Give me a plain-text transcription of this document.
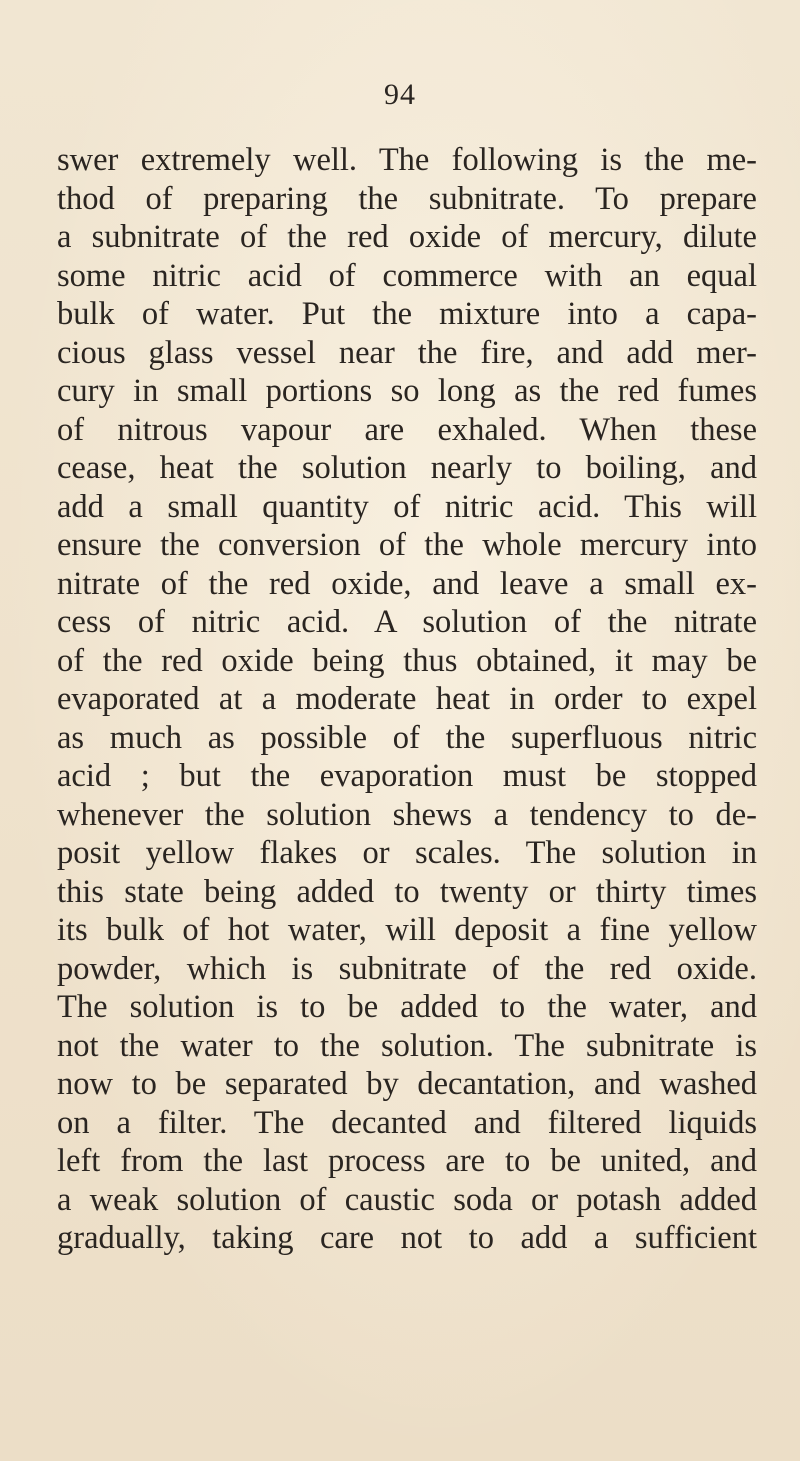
94
swer extremely well. The following is the me-
thod of preparing the subnitrate. To prepare
a subnitrate of the red oxide of mercury, dilute
some nitric acid of commerce with an equal
bulk of water. Put the mixture into a capa-
cious glass vessel near the fire, and add mer-
cury in small portions so long as the red fumes
of nitrous vapour are exhaled. When these
cease, heat the solution nearly to boiling, and
add a small quantity of nitric acid. This will
ensure the conversion of the whole mercury into
nitrate of the red oxide, and leave a small ex-
cess of nitric acid. A solution of the nitrate
of the red oxide being thus obtained, it may be
evaporated at a moderate heat in order to expel
as much as possible of the superfluous nitric
acid ; but the evaporation must be stopped
whenever the solution shews a tendency to de-
posit yellow flakes or scales. The solution in
this state being added to twenty or thirty times
its bulk of hot water, will deposit a fine yellow
powder, which is subnitrate of the red oxide.
The solution is to be added to the water, and
not the water to the solution. The subnitrate is
now to be separated by decantation, and washed
on a filter. The decanted and filtered liquids
left from the last process are to be united, and
a weak solution of caustic soda or potash added
gradually, taking care not to add a sufficient
